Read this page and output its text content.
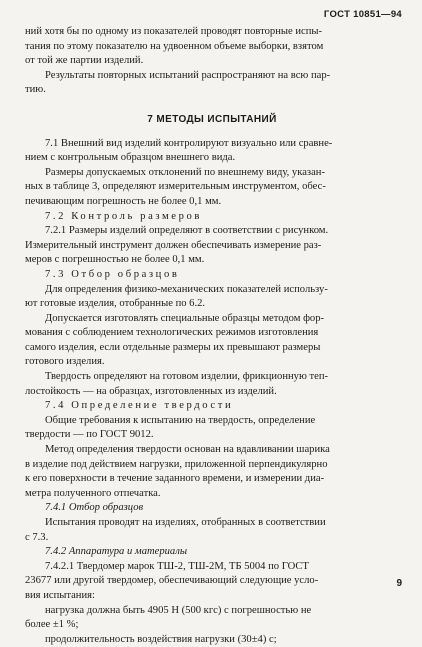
ГОСТ 10851—94

ний хотя бы по одному из показателей проводят повторные испы-

тания по этому показателю на удвоенном объеме выборки, взятом

от той же партии изделий.

Результаты повторных испытаний распространяют на всю пар-

тию.

7 МЕТОДЫ ИСПЫТАНИЙ

7.1 Внешний вид изделий контролируют визуально или сравне-

нием с контрольным образцом внешнего вида.

Размеры допускаемых отклонений по внешнему виду, указан-

ных в таблице 3, определяют измерительным инструментом, обес-

печивающим погрешность не более 0,1 мм.

7.2 Контроль размеров

7.2.1 Размеры изделий определяют в соответствии с рисунком.

Измерительный инструмент должен обеспечивать измерение раз-

меров с погрешностью не более 0,1 мм.

7.3 Отбор образцов

Для определения физико-механических показателей использу-

ют готовые изделия, отобранные по 6.2.

Допускается изготовлять специальные образцы методом фор-

мования с соблюдением технологических режимов изготовления

самого изделия, если отдельные размеры их превышают размеры

готового изделия.

Твердость определяют на готовом изделии, фрикционную теп-

лостойкость — на образцах, изготовленных из изделий.

7.4 Определение твердости

Общие требования к испытанию на твердость, определение

твердости — по ГОСТ 9012.

Метод определения твердости основан на вдавливании шарика

в изделие под действием нагрузки, приложенной перпендикулярно

к его поверхности в течение заданного времени, и измерении диа-

метра полученного отпечатка.

7.4.1 Отбор образцов

Испытания проводят на изделиях, отобранных в соответствии

с 7.3.

7.4.2 Аппаратура и материалы

7.4.2.1 Твердомер марок ТШ-2, ТШ-2М, ТБ 5004 по ГОСТ

23677 или другой твердомер, обеспечивающий следующие усло-

вия испытания:

нагрузка должна быть 4905 Н (500 кгс) с погрешностью не

более ±1 %;

продолжительность воздействия нагрузки (30±4) с;

9
